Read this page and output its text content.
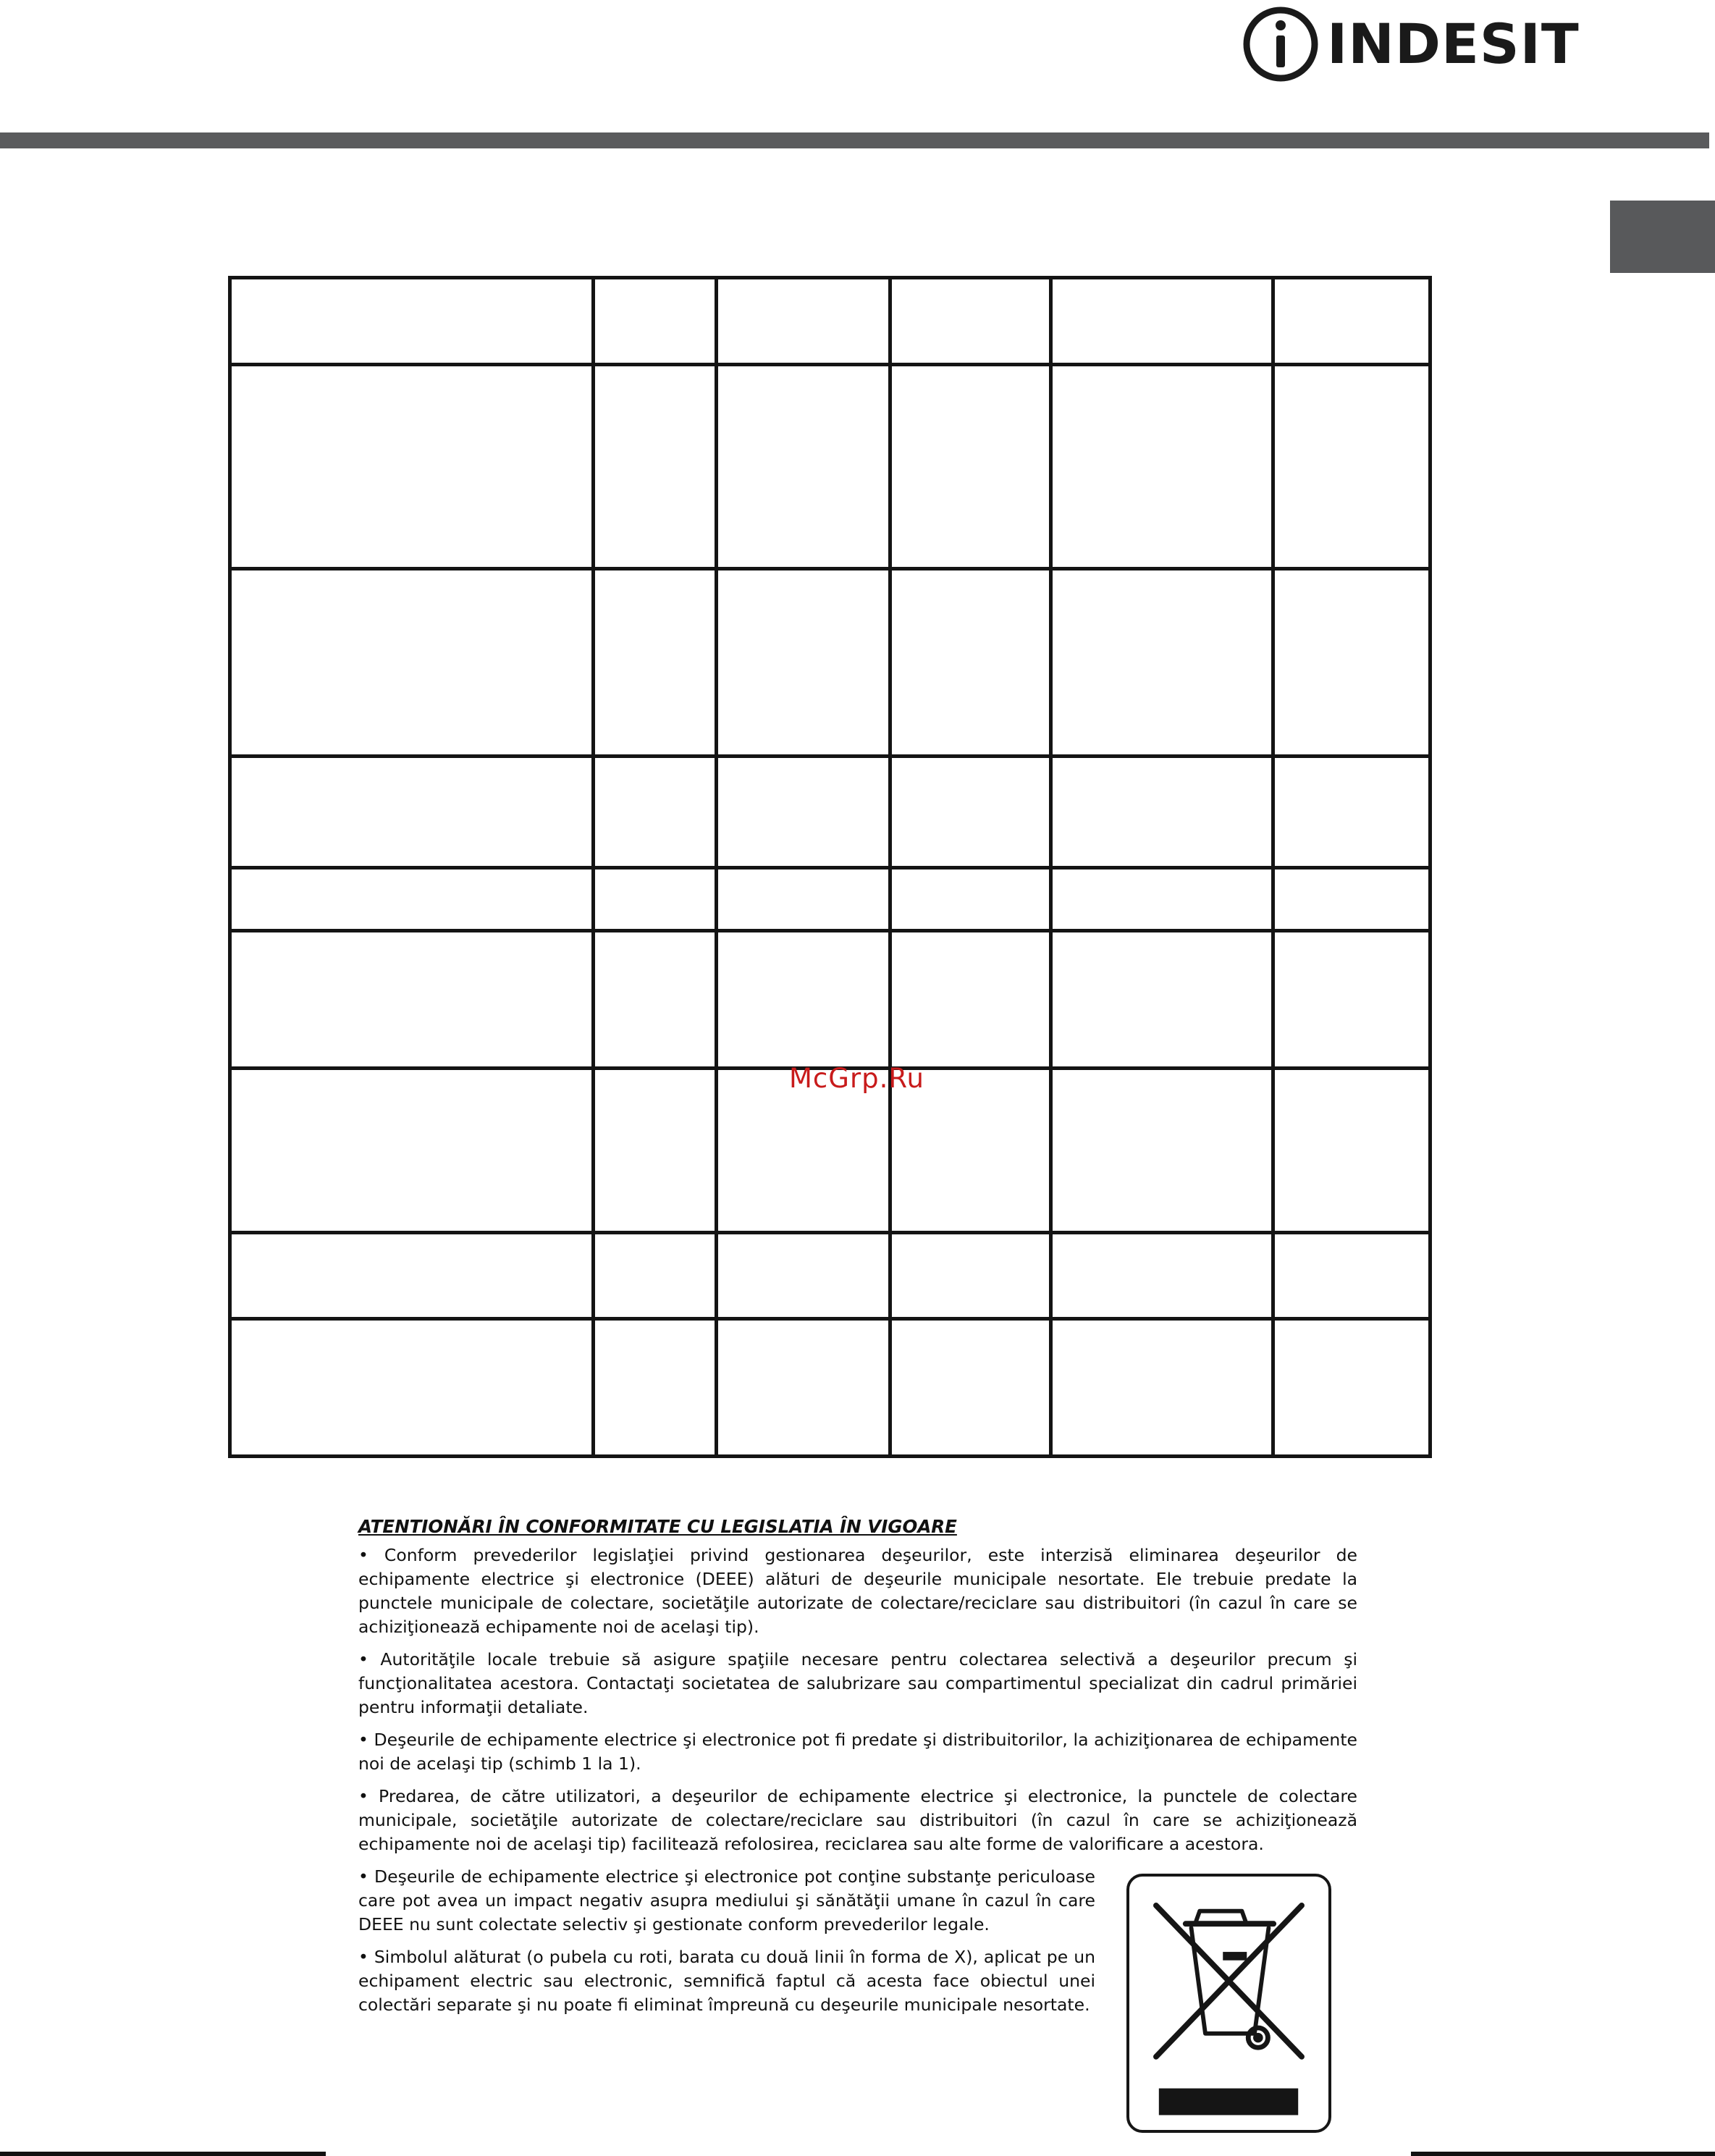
INDESIT

McGrp.Ru
ATENTIONĂRI ÎN CONFORMITATE CU LEGISLATIA ÎN VIGOARE

• Conform prevederilor legislaţiei privind gestionarea deşeurilor, este interzisă eliminarea deşeurilor de echipamente electrice şi electronice (DEEE) alături de deşeurile municipale nesortate. Ele trebuie predate la punctele municipale de colectare, societăţile autorizate de colectare/reciclare sau distribuitori (în cazul în care se achiziţionează echipamente noi de acelaşi tip).

• Autorităţile locale trebuie să asigure spaţiile necesare pentru colectarea selectivă a deşeurilor precum şi funcţionalitatea acestora. Contactaţi societatea de salubrizare sau compartimentul specializat din cadrul primăriei pentru informaţii detaliate.

• Deşeurile de echipamente electrice şi electronice pot fi predate şi distribuitorilor, la achiziţionarea de echipamente noi de acelaşi tip (schimb 1 la 1).

• Predarea, de către utilizatori, a deşeurilor de echipamente electrice şi electronice, la punctele de colectare municipale, societăţile autorizate de colectare/reciclare sau distribuitori (în cazul în care se achiziţionează echipamente noi de acelaşi tip) facilitează refolosirea, reciclarea sau alte forme de valorificare a acestora.

• Deşeurile de echipamente electrice şi electronice pot conţine substanţe periculoase care pot avea un impact negativ asupra mediului şi sănătăţii umane în cazul în care DEEE nu sunt colectate selectiv şi gestionate conform prevederilor legale.

• Simbolul alăturat (o pubela cu roti, barata cu două linii în forma de X), aplicat pe un echipament electric sau electronic, semnifică faptul că acesta face obiectul unei colectări separate şi nu poate fi eliminat împreună cu deşeurile municipale nesortate.
